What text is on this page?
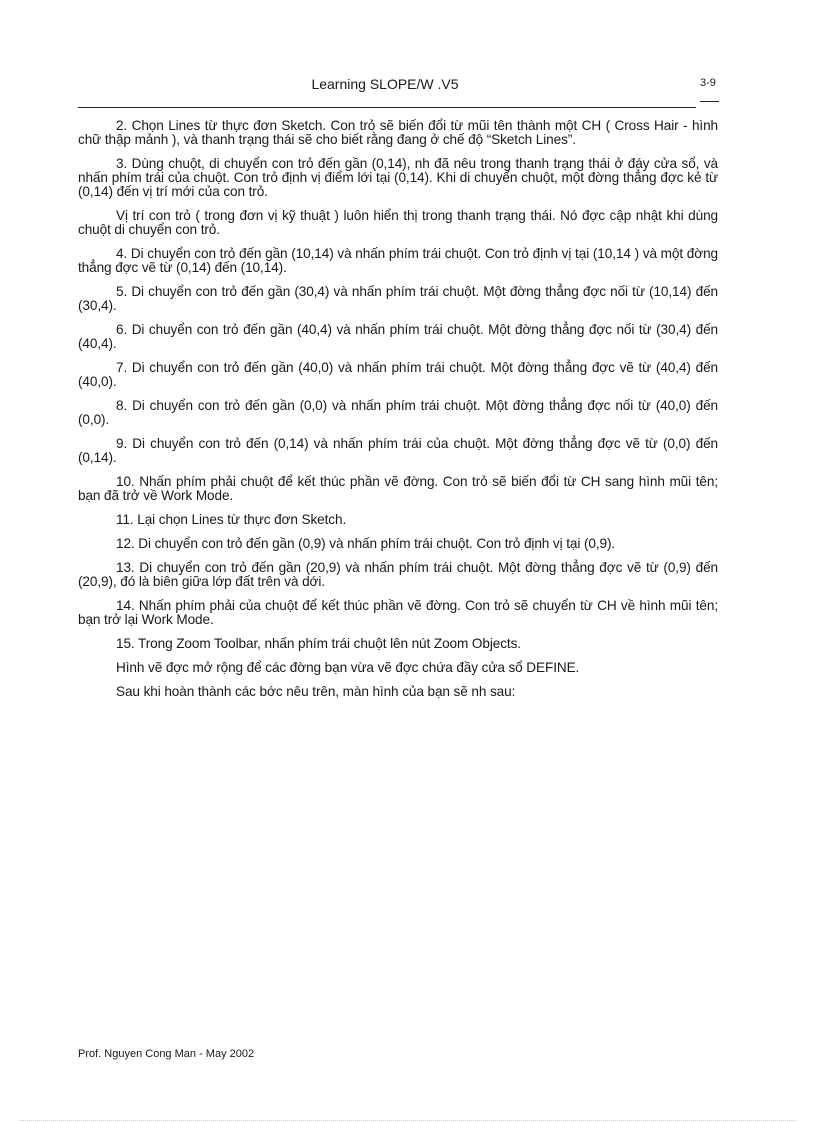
Learning SLOPE/W .V5	3-9

2. Chọn Lines từ thực đơn Sketch. Con trỏ sẽ biến đổi từ mũi tên thành một CH ( Cross Hair - hình chữ thập mảnh ), và thanh trạng thái sẽ cho biết rằng đang ở chế độ “Sketch Lines”.

3. Dùng chuột, di chuyển con trỏ đến gần (0,14), nh đã nêu trong thanh trạng thái ở đáy cửa sổ, và nhấn phím trái của chuột. Con trỏ định vị điểm lới tại (0,14). Khi di chuyển chuột, một đờng thẳng đợc kẻ từ (0,14) đến vị trí mới của con trỏ.

Vị trí con trỏ ( trong đơn vị kỹ thuật ) luôn hiển thị trong thanh trạng thái. Nó đợc cập nhật khi dùng chuột di chuyển con trỏ.

4. Di chuyển con trỏ đến gần (10,14) và nhấn phím trái chuột. Con trỏ định vị tại (10,14 ) và một đờng thẳng đợc vẽ từ (0,14) đến (10,14).

5. Di chuyển con trỏ đến gần (30,4) và nhấn phím trái chuột. Một đờng thẳng đợc nối từ (10,14) đến (30,4).

6. Di chuyển con trỏ đến gần (40,4) và nhấn phím trái chuột. Một đờng thẳng đợc nối từ (30,4) đến (40,4).

7. Di chuyển con trỏ đến gần (40,0) và nhấn phím trái chuột. Một đờng thẳng đợc vẽ từ (40,4) đến (40,0).

8. Di chuyển con trỏ đến gần (0,0) và nhấn phím trái chuột. Một đờng thẳng đợc nối từ (40,0) đến (0,0).

9. Di chuyển con trỏ đến (0,14) và nhấn phím trái của chuột. Một đờng thẳng đợc vẽ từ (0,0) đến (0,14).

10. Nhấn phím phải chuột để kết thúc phần vẽ đờng. Con trỏ sẽ biến đổi từ CH sang hình mũi tên; bạn đã trở về Work Mode.

11. Lại chọn Lines từ thực đơn Sketch.

12. Di chuyển con trỏ đến gần (0,9) và nhấn phím trái chuột. Con trỏ định vị tại (0,9).

13. Di chuyển con trỏ đến gần (20,9) và nhấn phím trái chuột. Một đờng thẳng đợc vẽ từ (0,9) đến (20,9), đó là biên giữa lớp đất trên và dới.

14. Nhấn phím phải của chuột để kết thúc phần vẽ đờng. Con trỏ sẽ chuyển từ CH về hình mũi tên; bạn trở lại Work Mode.

15. Trong Zoom Toolbar, nhấn phím trái chuột lên nút Zoom Objects.

Hình vẽ đợc mở rộng để các đờng bạn vừa vẽ đợc chứa đầy cửa sổ DEFINE.

Sau khi hoàn thành các bớc nêu trên, màn hình của bạn sẽ nh sau:

Prof. Nguyen Cong Man - May 2002
